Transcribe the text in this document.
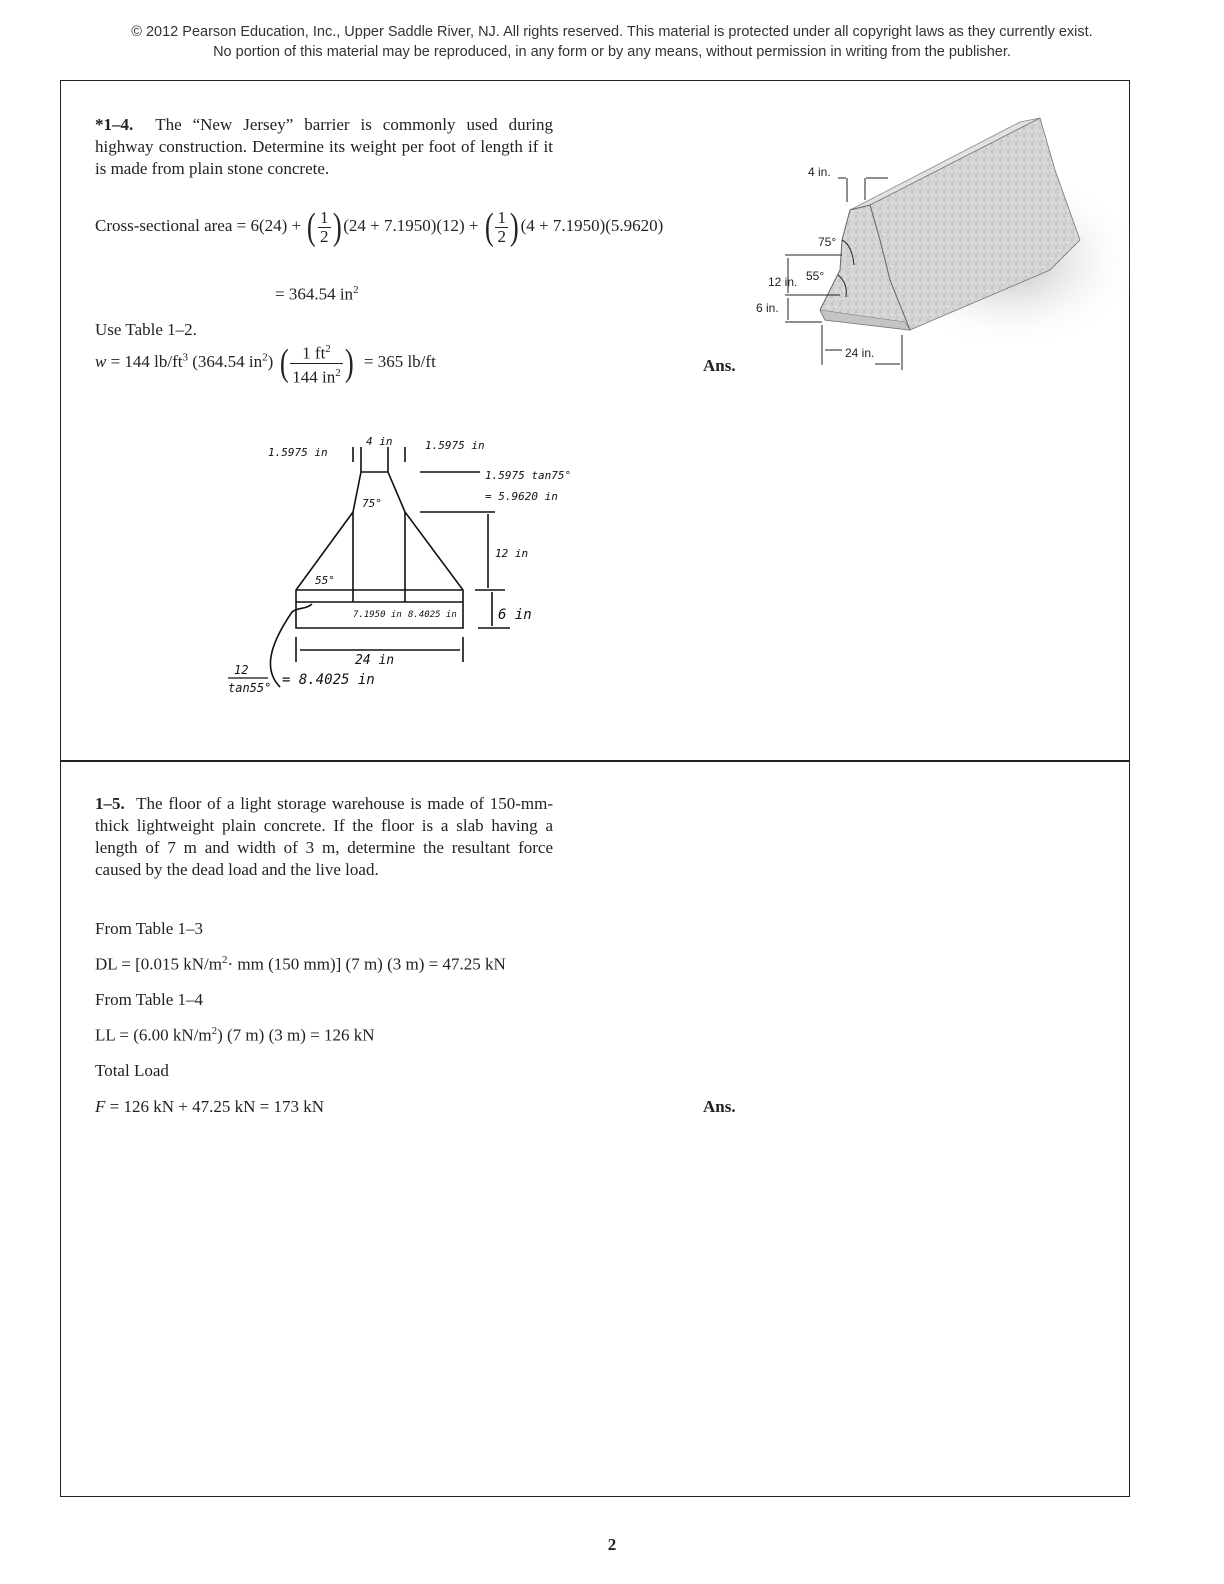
© 2012 Pearson Education, Inc., Upper Saddle River, NJ. All rights reserved. This material is protected under all copyright laws as they currently exist.
No portion of this material may be reproduced, in any form or by any means, without permission in writing from the publisher.
*1–4. The “New Jersey” barrier is commonly used during highway construction. Determine its weight per foot of length if it is made from plain stone concrete.
Cross-sectional area = 6(24) + ( $\frac{1}{2}$ ) (24 + 7.1950)(12) + ( $\frac{1}{2}$ ) (4 + 7.1950)(5.9620)
= 364.54 $in^2$
Use Table 1–2.
w = 144 $lb/ft^3$ (364.54 $in^2$) ( $\frac{1 ft^2}{144 in^2}$ ) = 365 lb/ft	Ans.
4 in.
75°
55°
12 in.
6 in.
24 in.
1.5975 in
4 in	1.5975 in
1.5975 tan75°
= 5.9620 in
75°
55°
12 in
6 in
7.1950 in 8.4025 in
24 in
12
tan55° = 8.4025 in
1–5. The floor of a light storage warehouse is made of 150-mm-thick lightweight plain concrete. If the floor is a slab having a length of 7 m and width of 3 m, determine the resultant force caused by the dead load and the live load.
From Table 1–3
DL = [0.015 $kN/m^2\cdot$ mm (150 mm)] (7 m) (3 m) = 47.25 kN
From Table 1–4
LL = (6.00 $kN/m^2$) (7 m) (3 m) = 126 kN
Total Load
F = 126 kN + 47.25 kN = 173 kN	Ans.
2
